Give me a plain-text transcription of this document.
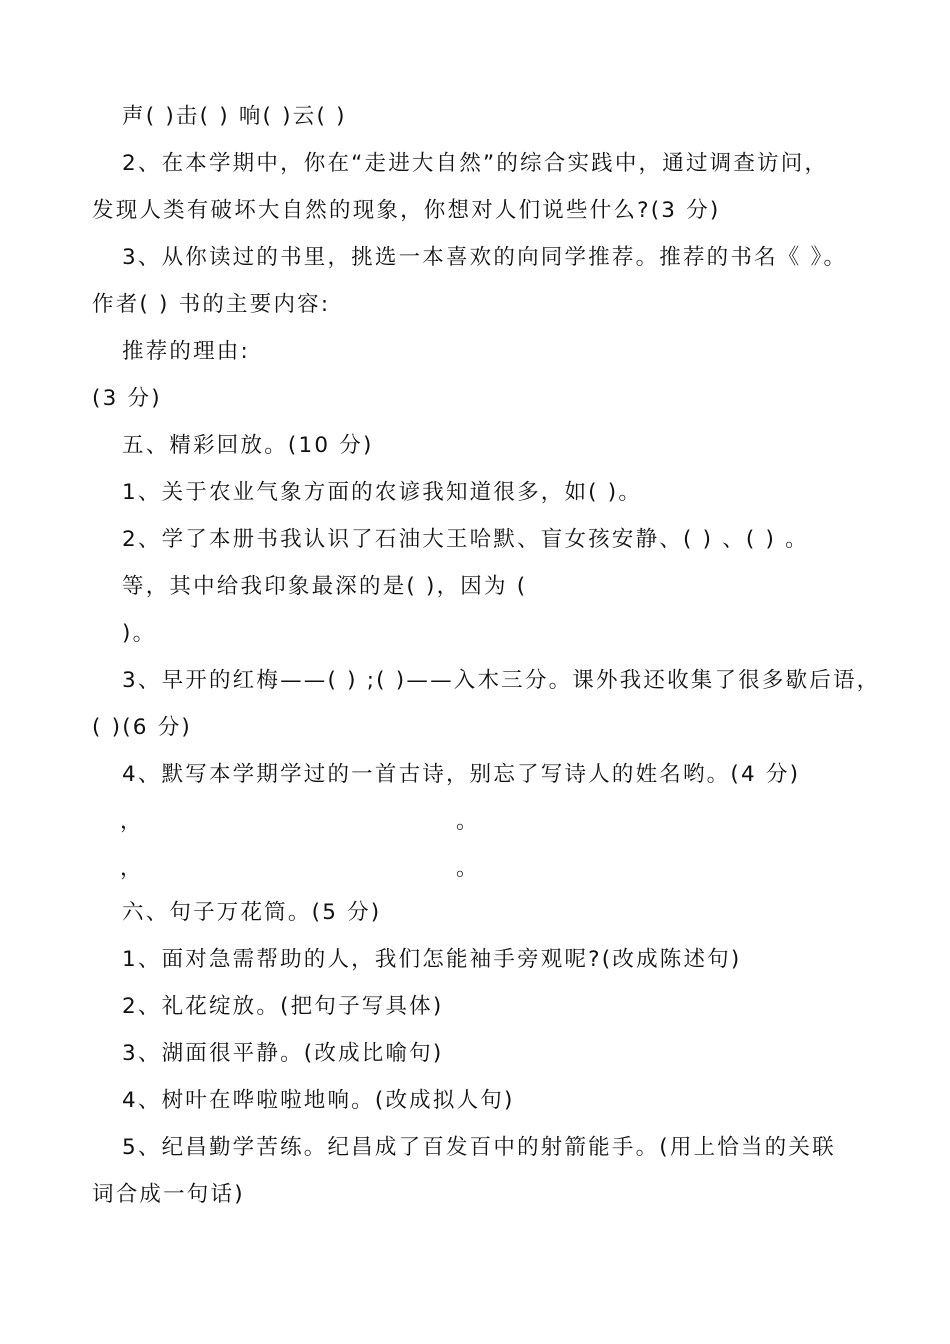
声( )击( ) 响( )云( )
2、在本学期中，你在“走进大自然”的综合实践中，通过调查访问，
发现人类有破坏大自然的现象，你想对人们说些什么?(3 分)
3、从你读过的书里，挑选一本喜欢的向同学推荐。推荐的书名《 》。
作者( ) 书的主要内容:
推荐的理由:
(3 分)
五、精彩回放。(10 分)
1、关于农业气象方面的农谚我知道很多，如( )。
2、学了本册书我认识了石油大王哈默、盲女孩安静、( ) 、( ) 。
等，其中给我印象最深的是( )，因为 (
)。
3、早开的红梅——( ) ;( )——入木三分。课外我还收集了很多歇后语，
( )(6 分)
4、默写本学期学过的一首古诗，别忘了写诗人的姓名哟。(4 分)
，	。
，	。
六、句子万花筒。(5 分)
1、面对急需帮助的人，我们怎能袖手旁观呢?(改成陈述句)
2、礼花绽放。(把句子写具体)
3、湖面很平静。(改成比喻句)
4、树叶在哗啦啦地响。(改成拟人句)
5、纪昌勤学苦练。纪昌成了百发百中的射箭能手。(用上恰当的关联
词合成一句话)
